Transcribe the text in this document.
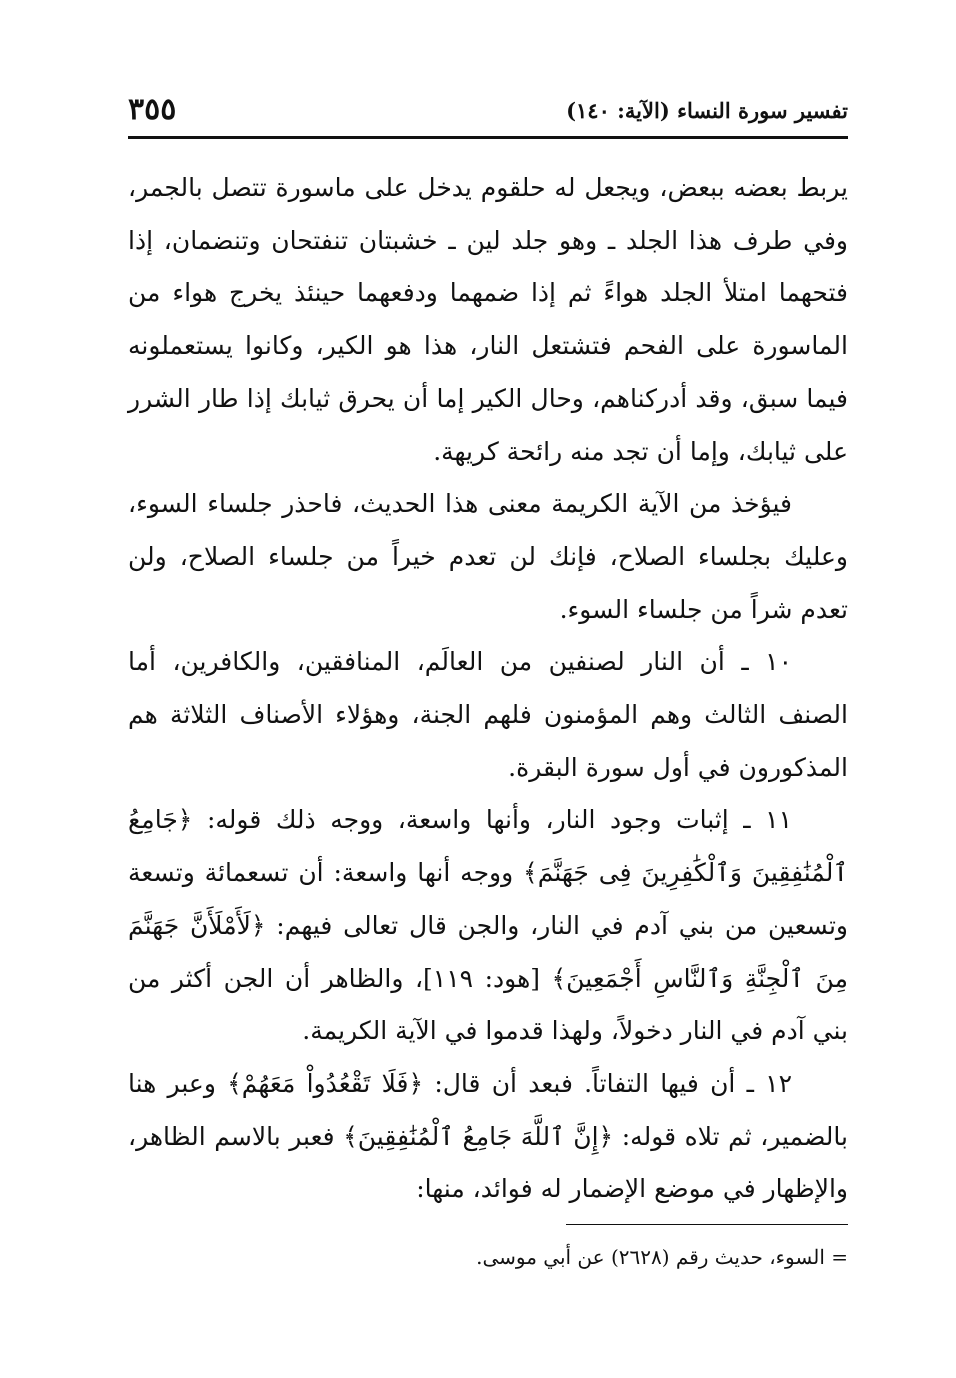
تفسير سورة النساء (الآية: ١٤٠)
٣٥٥

يربط بعضه ببعض، ويجعل له حلقوم يدخل على ماسورة تتصل بالجمر، وفي طرف هذا الجلد ـ وهو جلد لين ـ خشبتان تنفتحان وتنضمان، إذا فتحهما امتلأ الجلد هواءً ثم إذا ضمهما ودفعهما حينئذ يخرج هواء من الماسورة على الفحم فتشتعل النار، هذا هو الكير، وكانوا يستعملونه فيما سبق، وقد أدركناهم، وحال الكير إما أن يحرق ثيابك إذا طار الشرر على ثيابك، وإما أن تجد منه رائحة كريهة.

فيؤخذ من الآية الكريمة معنى هذا الحديث، فاحذر جلساء السوء، وعليك بجلساء الصلاح، فإنك لن تعدم خيراً من جلساء الصلاح، ولن تعدم شراً من جلساء السوء.

١٠ ـ أن النار لصنفين من العالَم، المنافقين، والكافرين، أما الصنف الثالث وهم المؤمنون فلهم الجنة، وهؤلاء الأصناف الثلاثة هم المذكورون في أول سورة البقرة.

١١ ـ إثبات وجود النار، وأنها واسعة، ووجه ذلك قوله: ﴿جَامِعُ ٱلْمُنَٰفِقِينَ وَٱلْكَٰفِرِينَ فِى جَهَنَّمَ﴾ ووجه أنها واسعة: أن تسعمائة وتسعة وتسعين من بني آدم في النار، والجن قال تعالى فيهم: ﴿لَأَمْلَأَنَّ جَهَنَّمَ مِنَ ٱلْجِنَّةِ وَٱلنَّاسِ أَجْمَعِينَ﴾ [هود: ١١٩]، والظاهر أن الجن أكثر من بني آدم في النار دخولاً، ولهذا قدموا في الآية الكريمة.

١٢ ـ أن فيها التفاتاً. فبعد أن قال: ﴿فَلَا تَقْعُدُواْ مَعَهُمْ﴾ وعبر هنا بالضمير، ثم تلاه قوله: ﴿إِنَّ ٱللَّهَ جَامِعُ ٱلْمُنَٰفِقِينَ﴾ فعبر بالاسم الظاهر، والإظهار في موضع الإضمار له فوائد، منها:

= السوء، حديث رقم (٢٦٢٨) عن أبي موسى.
